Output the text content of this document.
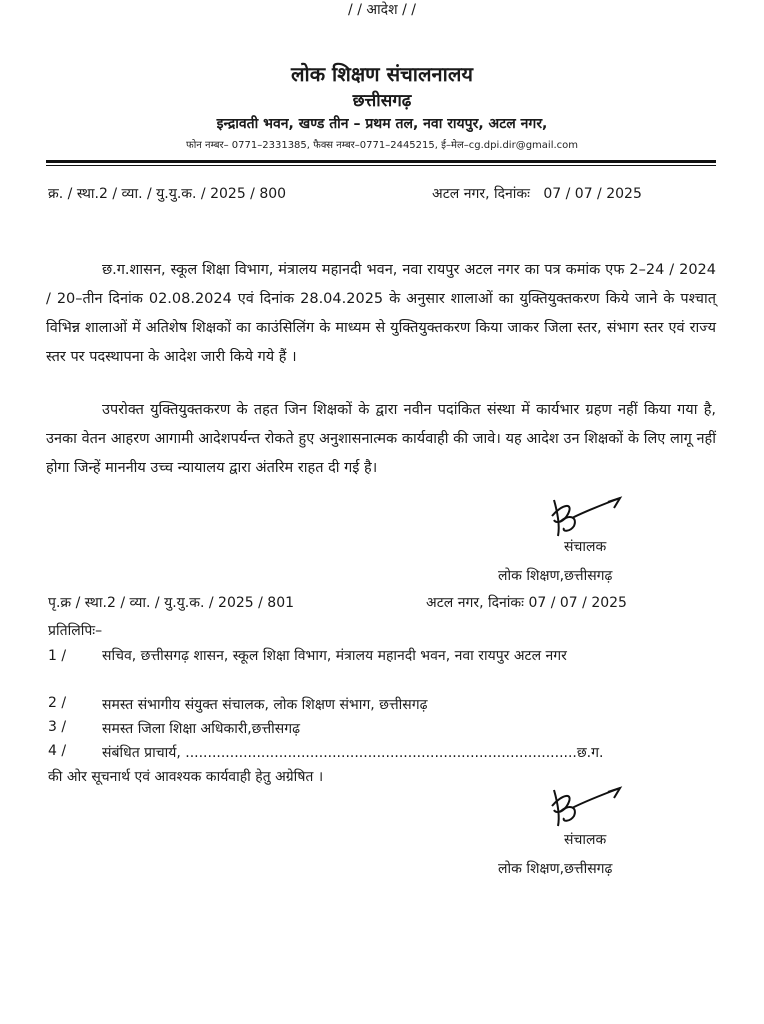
लोक शिक्षण संचालनालय
छत्तीसगढ़
इन्द्रावती भवन, खण्ड तीन – प्रथम तल, नवा रायपुर, अटल नगर,
फोन नम्बर– 0771–2331385, फैक्स नम्बर–0771–2445215, ई–मेल–cg.dpi.dir@gmail.com
क्र. / स्था.2 / व्या. / यु.यु.क. / 2025 / 800	अटल नगर, दिनांकः   07 / 07 / 2025
/ / आदेश / /
छ.ग.शासन, स्कूल शिक्षा विभाग, मंत्रालय महानदी भवन, नवा रायपुर अटल नगर का पत्र कमांक एफ 2–24 / 2024 / 20–तीन दिनांक 02.08.2024 एवं दिनांक 28.04.2025 के अनुसार शालाओं का युक्तियुक्तकरण किये जाने के पश्चात् विभिन्न शालाओं में अतिशेष शिक्षकों का काउंसिलिंग के माध्यम से युक्तियुक्तकरण किया जाकर जिला स्तर, संभाग स्तर एवं राज्य स्तर पर पदस्थापना के आदेश जारी किये गये हैं ।
उपरोक्त युक्तियुक्तकरण के तहत जिन शिक्षकों के द्वारा नवीन पदांकित संस्था में कार्यभार ग्रहण नहीं किया गया है, उनका वेतन आहरण आगामी आदेशपर्यन्त रोकते हुए अनुशासनात्मक कार्यवाही की जावे। यह आदेश उन शिक्षकों के लिए लागू नहीं होगा जिन्हें माननीय उच्च न्यायालय द्वारा अंतरिम राहत दी गई है।
संचालक
लोक शिक्षण,छत्तीसगढ़
पृ.क्र / स्था.2 / व्या. / यु.यु.क. / 2025 / 801	अटल नगर, दिनांकः 07 / 07 / 2025
प्रतिलिपिः–
1 /	सचिव, छत्तीसगढ़ शासन, स्कूल शिक्षा विभाग, मंत्रालय महानदी भवन, नवा रायपुर अटल नगर
2 /	समस्त संभागीय संयुक्त संचालक, लोक शिक्षण संभाग, छत्तीसगढ़
3 /	समस्त जिला शिक्षा अधिकारी,छत्तीसगढ़
4 /	संबंधित प्राचार्य, ........................................................................................छ.ग.
की ओर सूचनार्थ एवं आवश्यक कार्यवाही हेतु अग्रेषित ।
संचालक
लोक शिक्षण,छत्तीसगढ़
